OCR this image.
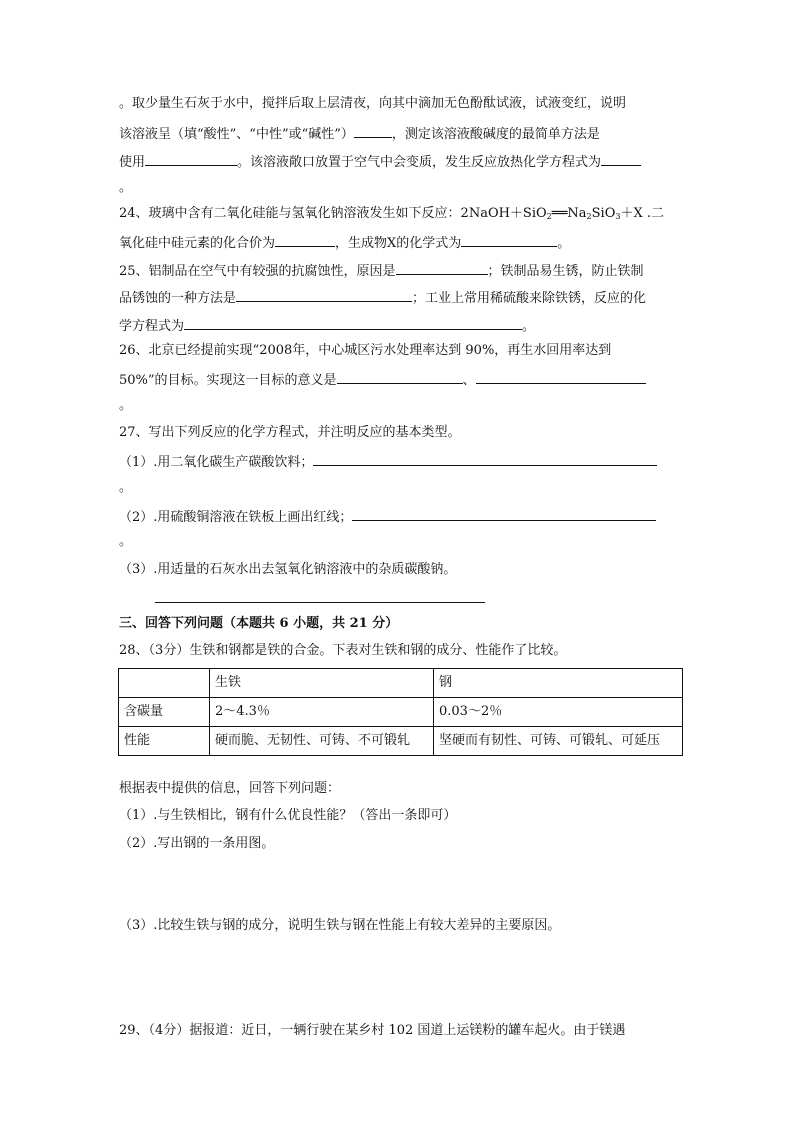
。取少量生石灰于水中，搅拌后取上层清夜，向其中滴加无色酚酞试液，试液变红，说明
该溶液呈（填“酸性”、“中性”或“碱性”）	，测定该溶液酸碱度的最简单方法是
使用	。该溶液敞口放置于空气中会变质，发生反应放热化学方程式为
。
24、玻璃中含有二氧化硅能与氢氧化钠溶液发生如下反应：$2NaOH+SiO_2══Na_2SiO_3+X$ .二
氧化硅中硅元素的化合价为	，生成物X的化学式为	。
25、铝制品在空气中有较强的抗腐蚀性，原因是	；铁制品易生锈，防止铁制
品锈蚀的一种方法是	；工业上常用稀硫酸来除铁锈，反应的化
学方程式为	。
26、北京已经提前实现“2008年，中心城区污水处理率达到 90%，再生水回用率达到
50%”的目标。实现这一目标的意义是	、
。
27、写出下列反应的化学方程式，并注明反应的基本类型。
（1）.用二氧化碳生产碳酸饮料；
。
（2）.用硫酸铜溶液在铁板上画出红线；
。
（3）.用适量的石灰水出去氢氧化钠溶液中的杂质碳酸钠。
三、回答下列问题（本题共 6 小题，共 21 分）
28、（3分）生铁和钢都是铁的合金。下表对生铁和钢的成分、性能作了比较。
	生铁	钢
含碳量	2～4.3％	0.03～2％
性能	硬而脆、无韧性、可铸、不可锻轧	坚硬而有韧性、可铸、可锻轧、可延压
根据表中提供的信息，回答下列问题：
（1）.与生铁相比，钢有什么优良性能？（答出一条即可）
（2）.写出钢的一条用图。
（3）.比较生铁与钢的成分，说明生铁与钢在性能上有较大差异的主要原因。
29、（4分）据报道：近日，一辆行驶在某乡村 102 国道上运镁粉的罐车起火。由于镁遇
